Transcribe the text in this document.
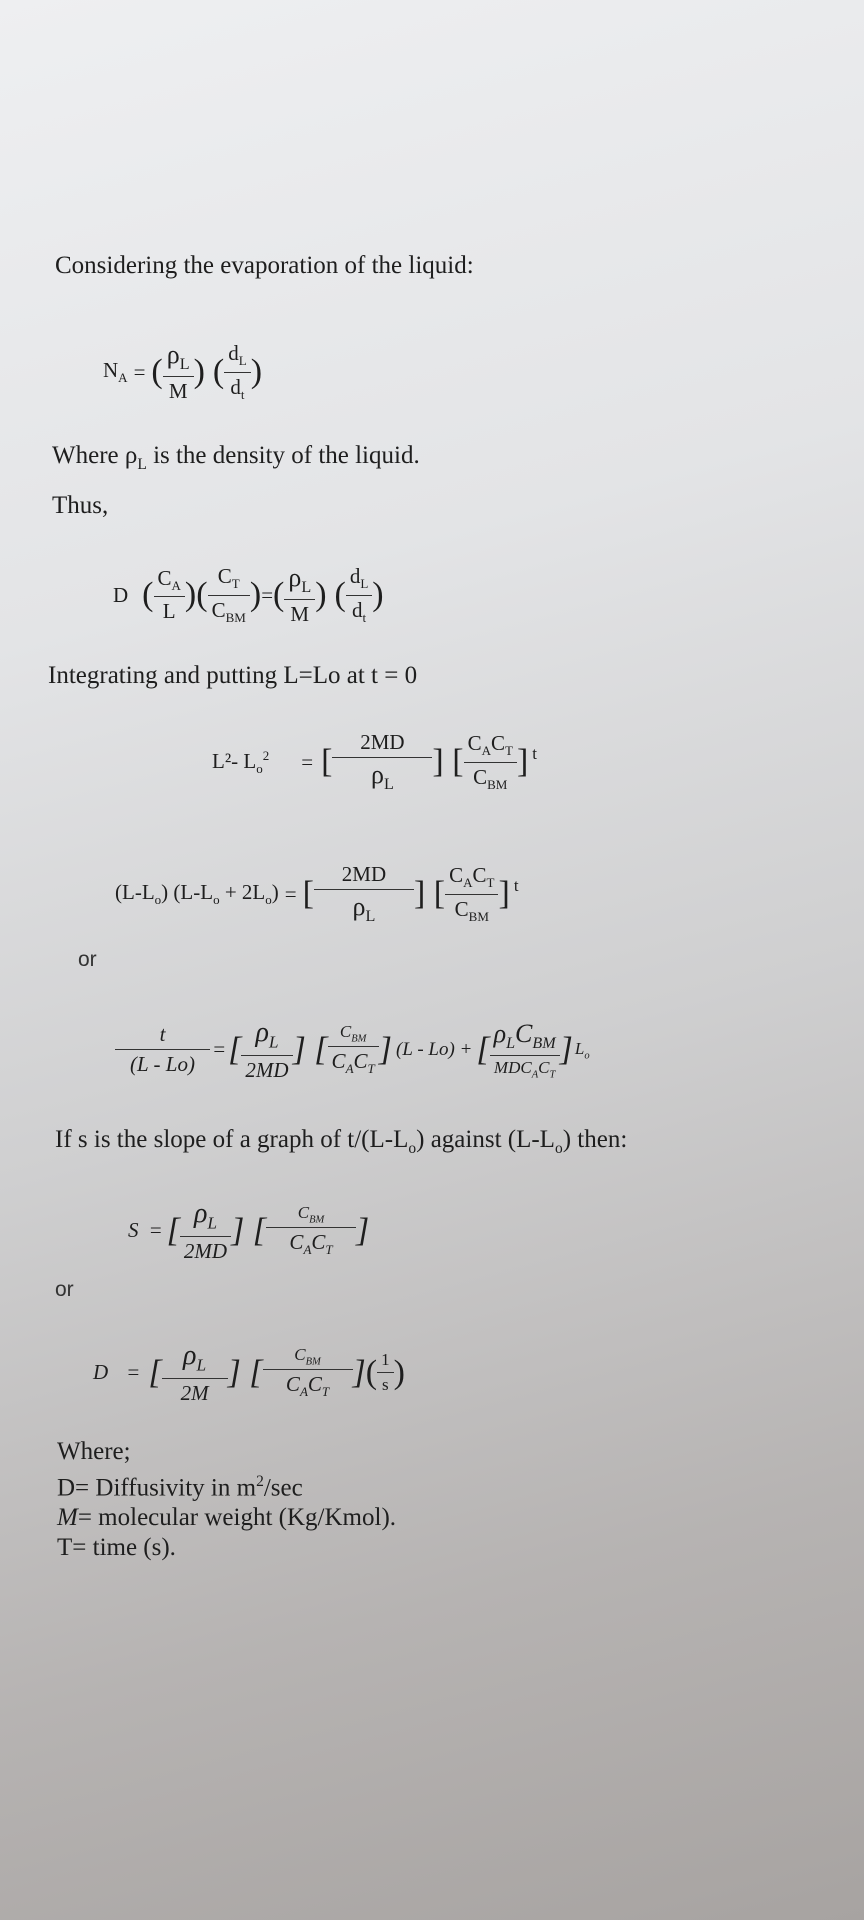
Considering the evaporation of the liquid:
$N_A$ = ( $\frac{\rho_L}{M}$ ) ( $\frac{d_L}{d_t}$ )
Where $\rho_L$ is the density of the liquid.
Thus,
D ( $\frac{C_A}{L}$ )( $\frac{C_T}{C_{BM}}$ ) = ( $\frac{\rho_L}{M}$ ) ( $\frac{d_L}{d_t}$ )
Integrating and putting L=Lo at t = 0
L²- $L_o^2$ = [ $\frac{2MD}{\rho_L}$ ] [ $\frac{C_AC_T}{C_{BM}}$ ] t
$(L-L_o) (L-L_o + 2L_o)$ = [ $\frac{2MD}{\rho_L}$ ] [ $\frac{C_AC_T}{C_{BM}}$ ] t
or
$\frac{t}{(L - Lo)}$ = [ $\frac{\rho_L}{2MD}$ ] [ $\frac{C_{BM}}{C_AC_T}$ ] (L - Lo) + [ $\frac{\rho_LC_{BM}}{MDC_AC_T}$ ] $L_o$
If s is the slope of a graph of $t/(L-L_o)$ against $(L-L_o)$ then:
S = [ $\frac{\rho_L}{2MD}$ ] [ $\frac{C_{BM}}{C_AC_T}$ ]
or
D = [ $\frac{\rho_L}{2M}$ ] [ $\frac{C_{BM}}{C_AC_T}$ ] ( $\frac{1}{s}$ )
Where;
D= Diffusivity in $m^2/\sec$
M= molecular weight (Kg/Kmol).
T= time (s).
